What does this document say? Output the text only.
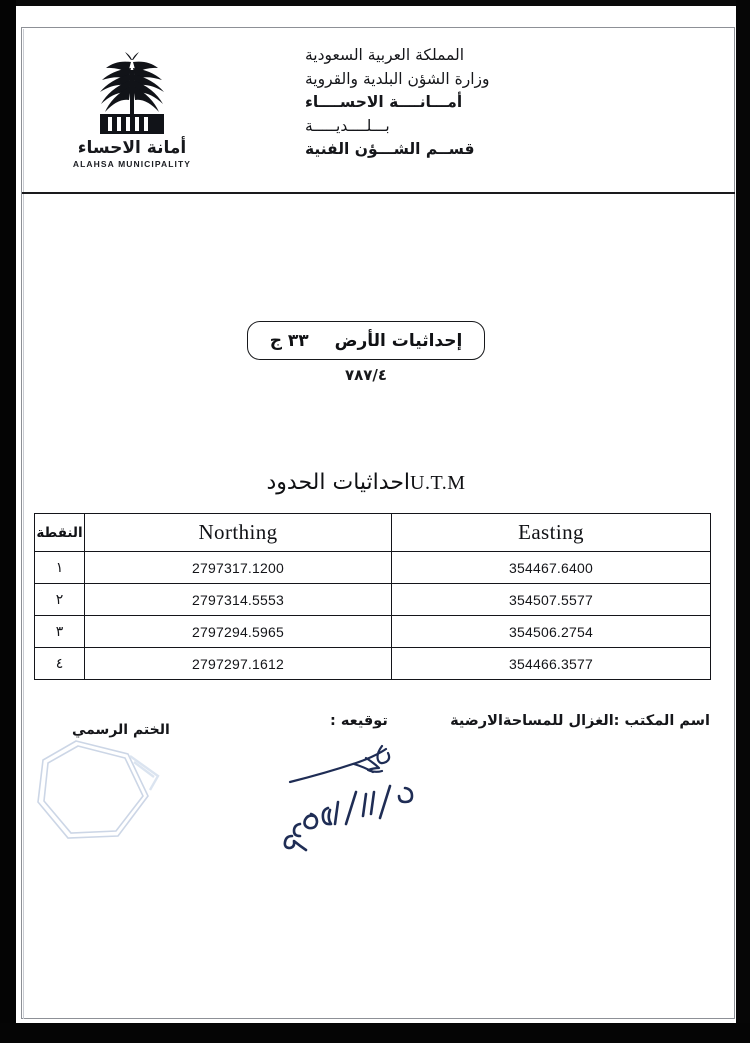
أمانة الاحساء
ALAHSA MUNICIPALITY
المملكة العربية السعودية
وزارة الشؤن البلدية والقروية
أمـــانــــة الاحســــاء
بـــلــــديـــــة
قســم الشـــؤن الفنية
إحداثيات الأرض
٣٣ ج
٧٨٧/٤
U.T.Mاحداثيات الحدود
Easting	Northing	النقطة
354467.6400	2797317.1200	١
354507.5577	2797314.5553	٢
354506.2754	2797294.5965	٣
354466.3577	2797297.1612	٤
اسم المكتب :الغزال للمساحةالارضية
توقيعه :
الختم الرسمي
